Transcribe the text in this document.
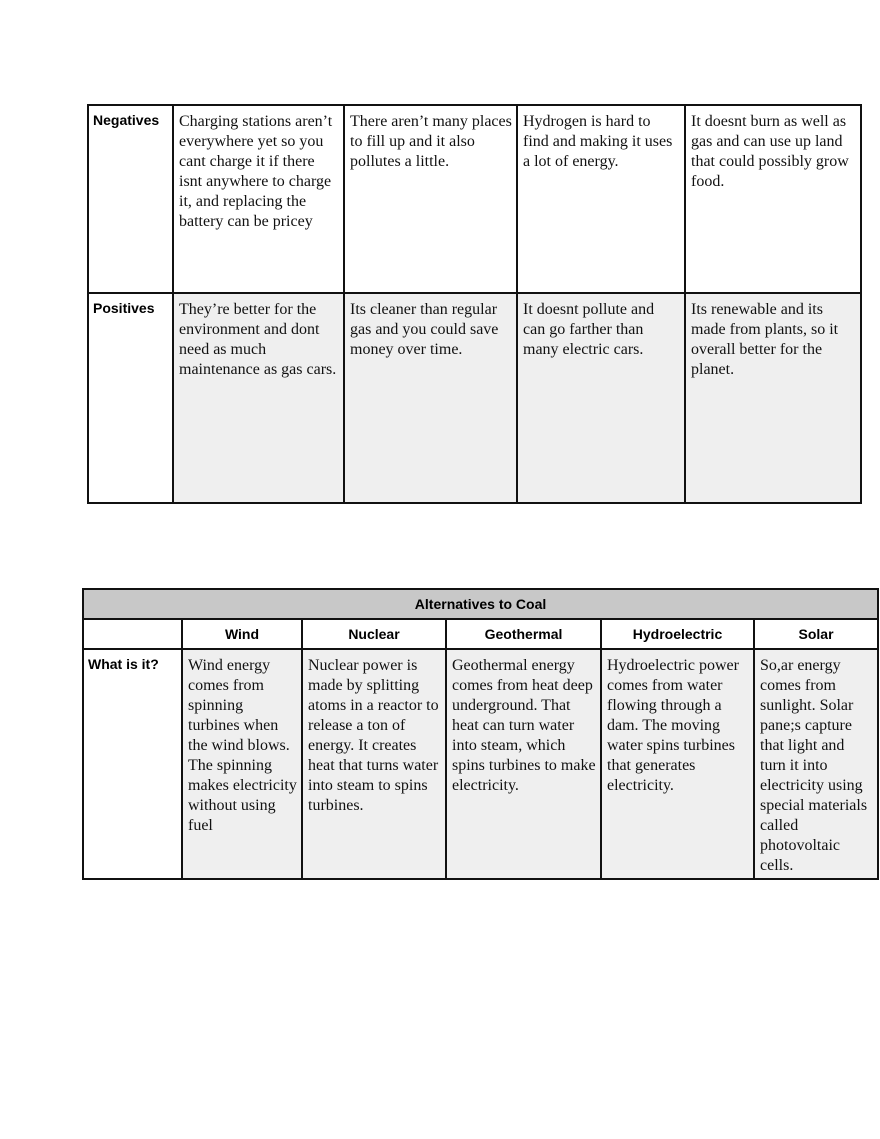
Negatives	Charging stations aren’t everywhere yet so you cant charge it if there isnt anywhere to charge it, and replacing the battery can be pricey	There aren’t many places to fill up and it also pollutes a little.	Hydrogen is hard to find and making it uses a lot of energy.	It doesnt burn as well as gas and can use up land that could possibly grow food.
Positives	They’re better for the environment and dont need as much maintenance as gas cars.	Its cleaner than regular gas and you could save money over time.	It doesnt pollute and can go farther than many electric cars.	Its renewable and its made from plants, so it overall better for the planet.
Alternatives to Coal					
	Wind	Nuclear	Geothermal	Hydroelectric	Solar
What is it?	Wind energy comes from spinning turbines when the wind blows. The spinning makes electricity without using fuel	Nuclear power is made by splitting atoms in a reactor to release a ton of energy. It creates heat that turns water into steam to spins turbines.	Geothermal energy comes from heat deep underground. That heat can turn water into steam, which spins turbines to make electricity.	Hydroelectric power comes from water flowing through a dam. The moving water spins turbines that generates electricity.	So,ar energy comes from sunlight. Solar pane;s capture that light and turn it into electricity using special materials called photovoltaic cells.
